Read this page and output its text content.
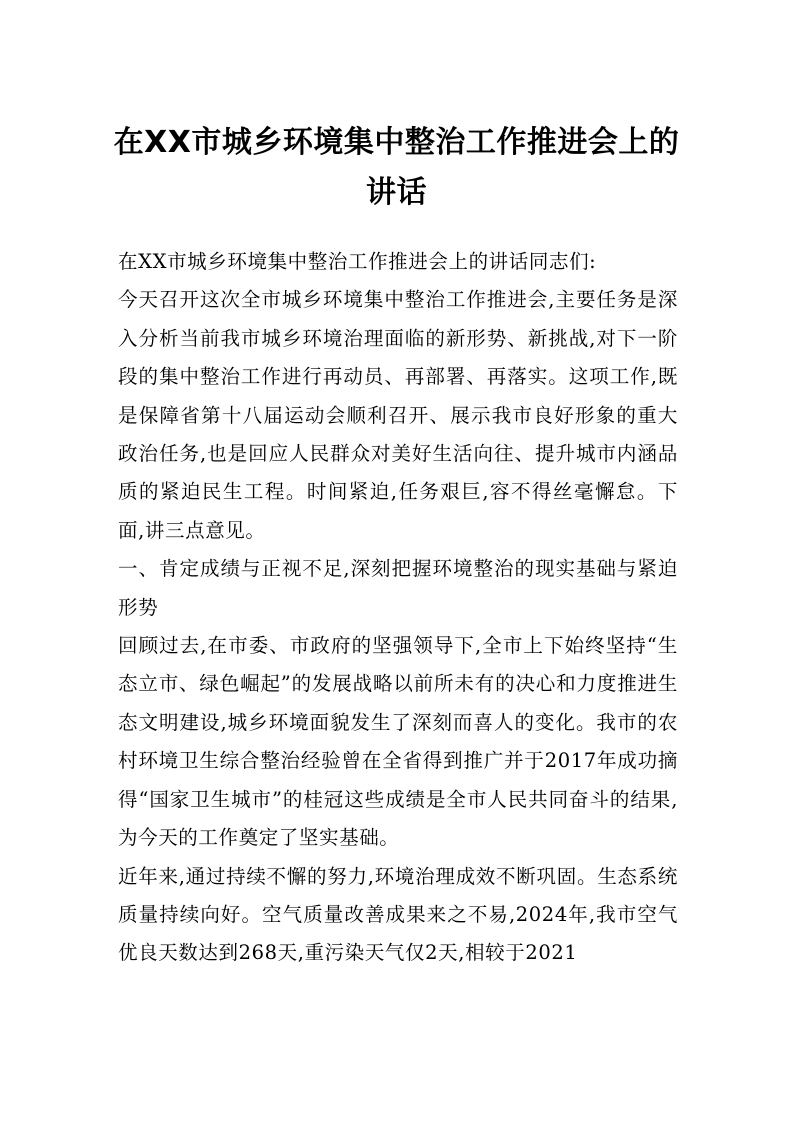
在XX市城乡环境集中整治工作推进会上的讲话

在XX市城乡环境集中整治工作推进会上的讲话同志们:

今天召开这次全市城乡环境集中整治工作推进会,主要任务是深入分析当前我市城乡环境治理面临的新形势、新挑战,对下一阶段的集中整治工作进行再动员、再部署、再落实。这项工作,既是保障省第十八届运动会顺利召开、展示我市良好形象的重大政治任务,也是回应人民群众对美好生活向往、提升城市内涵品质的紧迫民生工程。时间紧迫,任务艰巨,容不得丝毫懈怠。下面,讲三点意见。

一、肯定成绩与正视不足,深刻把握环境整治的现实基础与紧迫形势

回顾过去,在市委、市政府的坚强领导下,全市上下始终坚持“生态立市、绿色崛起”的发展战略以前所未有的决心和力度推进生态文明建设,城乡环境面貌发生了深刻而喜人的变化。我市的农村环境卫生综合整治经验曾在全省得到推广并于2017年成功摘得“国家卫生城市”的桂冠这些成绩是全市人民共同奋斗的结果,为今天的工作奠定了坚实基础。

近年来,通过持续不懈的努力,环境治理成效不断巩固。生态系统质量持续向好。空气质量改善成果来之不易,2024年,我市空气优良天数达到268天,重污染天气仅2天,相较于2021
